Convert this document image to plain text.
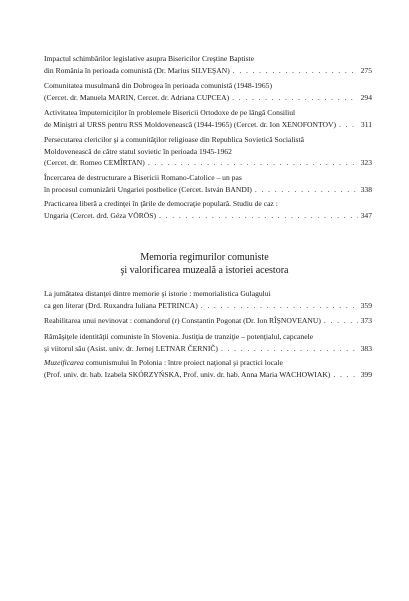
Impactul schimbărilor legislative asupra Bisericilor Creştine Baptiste
din România în perioada comunistă (Dr. Marius SILVEŞAN) . . .	275
Comunitatea musulmană din Dobrogea în perioada comunistă (1948-1965)
(Cercet. dr. Manuela MARIN, Cercet. dr. Adriana CUPCEA) . . .	294
Activitatea împuterniciţilor în problemele Bisericii Ortodoxe de pe lângă Consiliul
de Miniştri al URSS pentru RSS Moldovenească (1944-1965) (Cercet. dr. Ion XENOFONTOV) . . .	311
Persecutarea clericilor şi a comunităţilor religioase din Republica Sovietică Socialistă
Moldovenească de către statul sovietic în perioada 1945-1962
(Cercet. dr. Romeo CEMÎRTAN) . . .	323
Încercarea de destructurare a Bisericii Romano-Catolice – un pas
în procesul comunizării Ungariei postbelice (Cercet. István BANDI) . . .	338
Practicarea liberă a credinţei în ţările de democraţie populară. Studiu de caz :
Ungaria (Cercet. drd. Géza VÖRÖS) . . .	347
Memoria regimurilor comuniste
şi valorificarea muzeală a istoriei acestora
La jumătatea distanţei dintre memorie şi istorie : memorialistica Gulagului
ca gen literar (Drd. Ruxandra Iuliana PETRINCA) . . .	359
Reabilitarea unui nevinovat : comandorul (r) Constantin Pogonat (Dr. Ion RÎŞNOVEANU) . . .	373
Rămăşiţele identităţii comuniste în Slovenia. Justiţia de tranziţie – potenţialul, capcanele
şi viitorul său (Asist. univ. dr. Jernej LETNAR ČERNIČ) . . .	383
Muzeificarea comunismului în Polonia : între proiect naţional şi practici locale
(Prof. univ. dr. hab. Izabela SKÓRZYŃSKA, Prof. univ. dr. hab. Anna Maria WACHOWIAK) . . .	399
